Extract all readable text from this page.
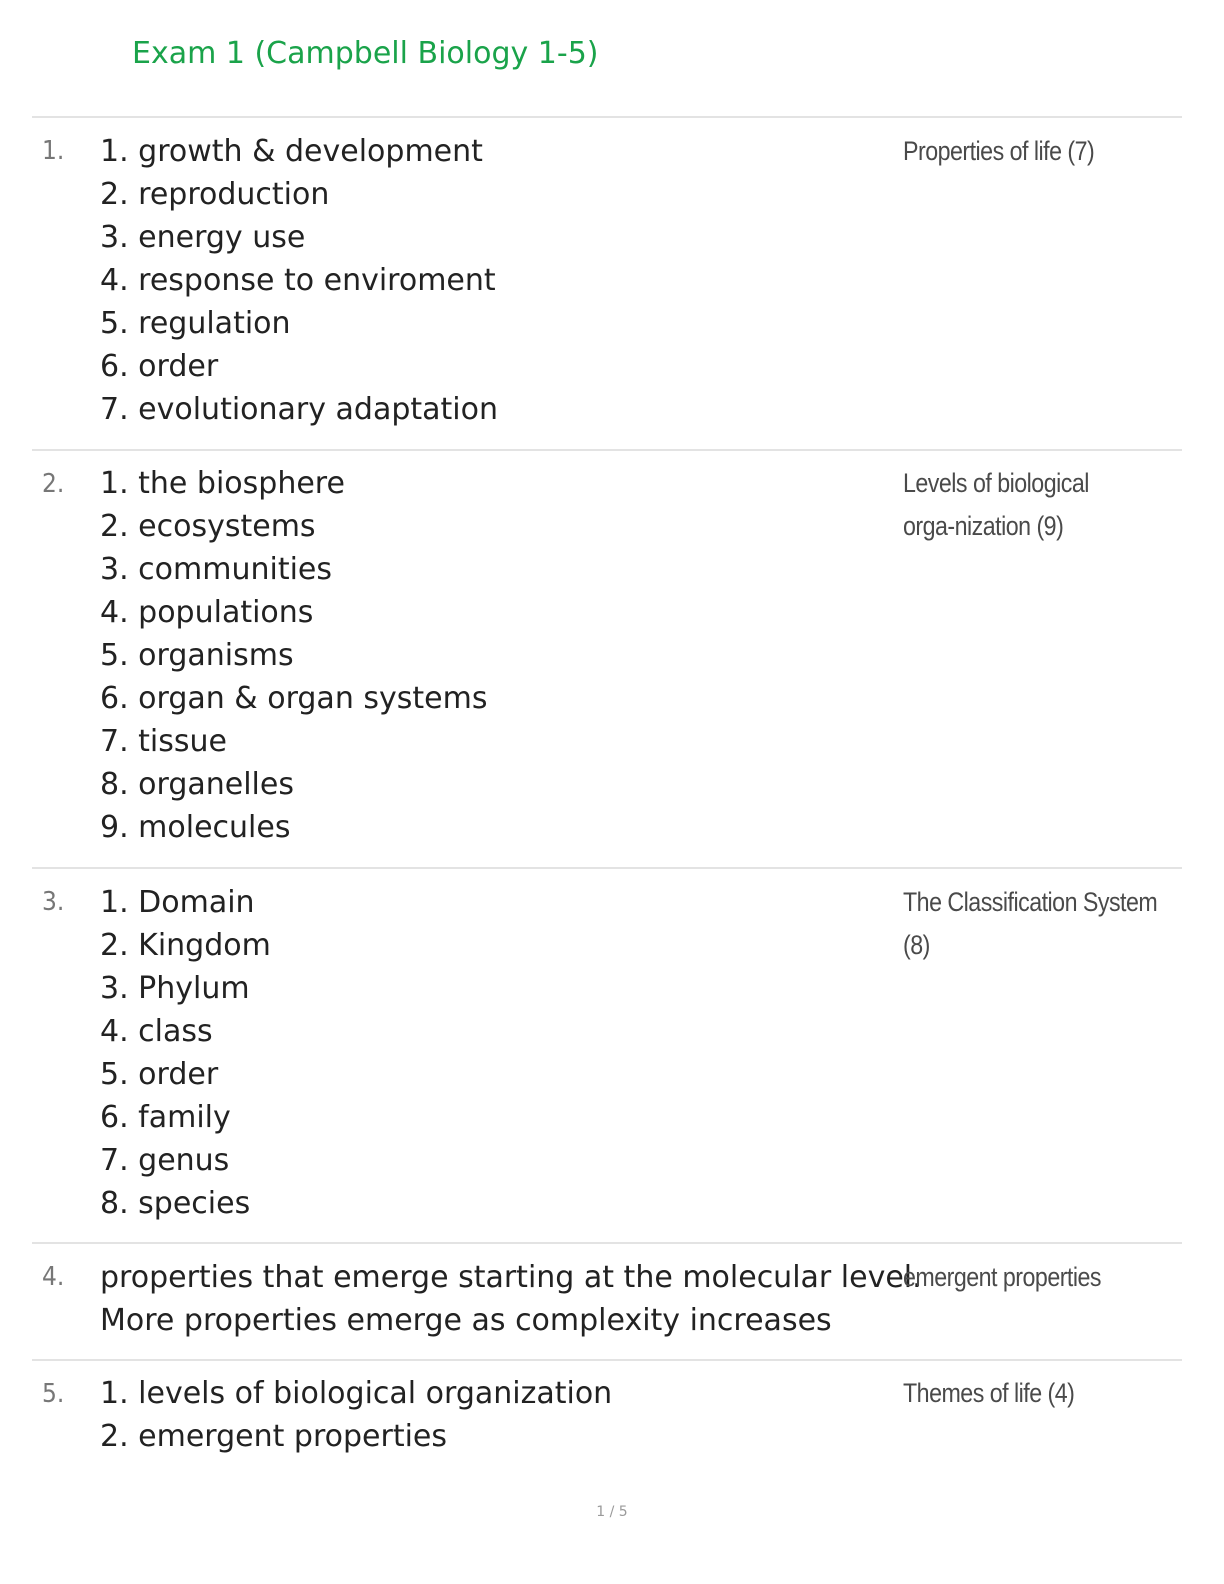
Exam 1 (Campbell Biology 1-5)
1. 1. growth & development
2. reproduction
3. energy use
4. response to enviroment
5. regulation
6. order
7. evolutionary adaptation
Properties of life (7)
2. 1. the biosphere
2. ecosystems
3. communities
4. populations
5. organisms
6. organ & organ systems
7. tissue
8. organelles
9. molecules
Levels of biological orga-nization (9)
3. 1. Domain
2. Kingdom
3. Phylum
4. class
5. order
6. family
7. genus
8. species
The Classification System (8)
4. properties that emerge starting at the molecular level.
More properties emerge as complexity increases
emergent properties
5. 1. levels of biological organization
2. emergent properties
Themes of life (4)
1 / 5
